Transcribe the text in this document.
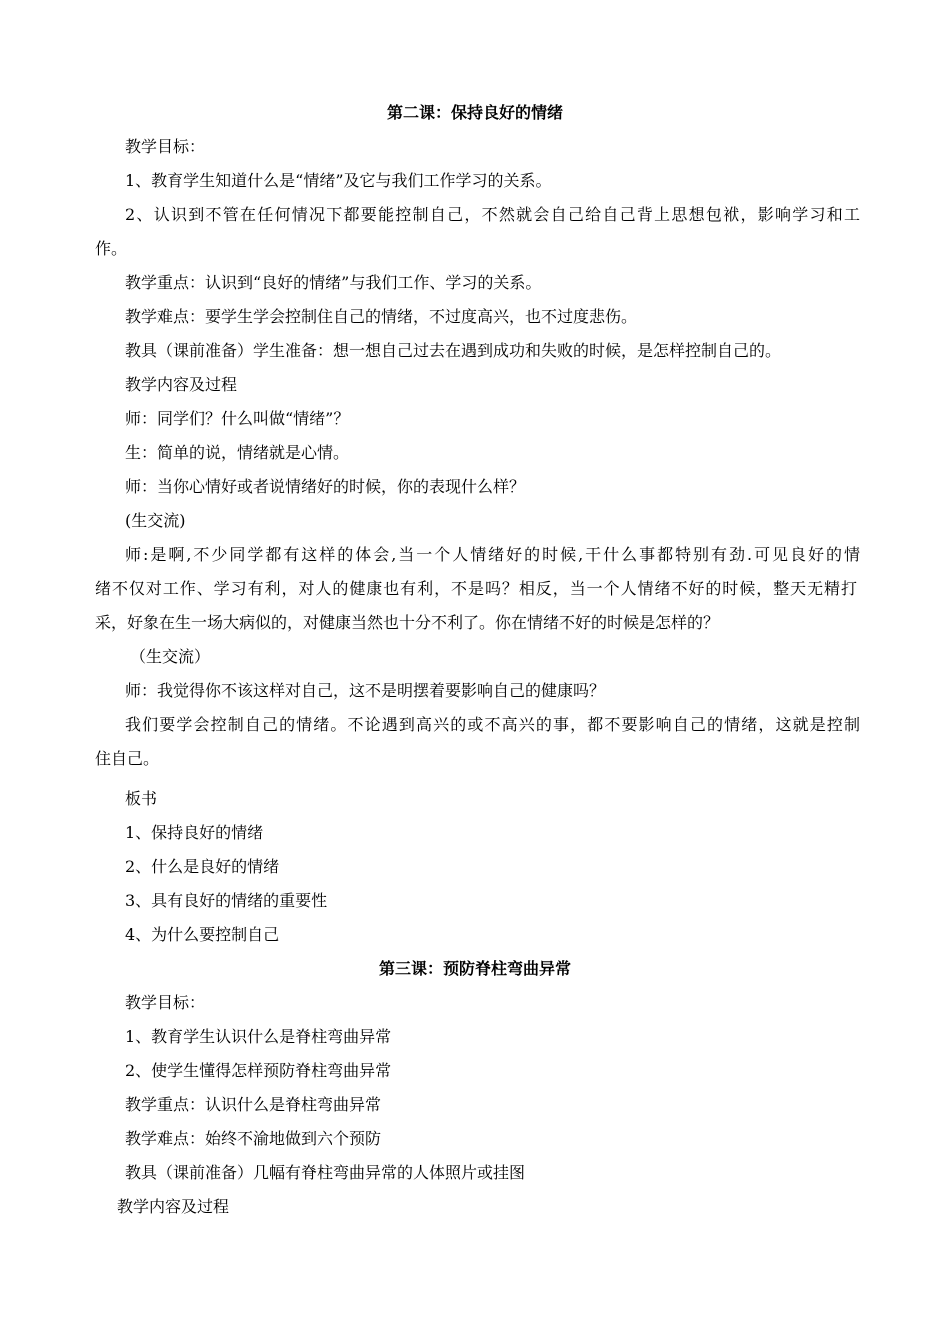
第二课：保持良好的情绪

教学目标：

1、教育学生知道什么是“情绪”及它与我们工作学习的关系。

2、认识到不管在任何情况下都要能控制自己，不然就会自己给自己背上思想包袱，影响学习和工

作。

教学重点：认识到“良好的情绪”与我们工作、学习的关系。

教学难点：要学生学会控制住自己的情绪，不过度高兴，也不过度悲伤。

教具（课前准备）学生准备：想一想自己过去在遇到成功和失败的时候，是怎样控制自己的。

教学内容及过程

师：同学们？什么叫做“情绪”？

生：简单的说，情绪就是心情。

师：当你心情好或者说情绪好的时候，你的表现什么样？

(生交流)

师:是啊,不少同学都有这样的体会,当一个人情绪好的时候,干什么事都特别有劲.可见良好的情

绪不仅对工作、学习有利，对人的健康也有利，不是吗？相反，当一个人情绪不好的时候，整天无精打

采，好象在生一场大病似的，对健康当然也十分不利了。你在情绪不好的时候是怎样的？

（生交流）

师：我觉得你不该这样对自己，这不是明摆着要影响自己的健康吗？

我们要学会控制自己的情绪。不论遇到高兴的或不高兴的事，都不要影响自己的情绪，这就是控制

住自己。

板书

1、保持良好的情绪

2、什么是良好的情绪

3、具有良好的情绪的重要性

4、为什么要控制自己

第三课：预防脊柱弯曲异常

教学目标：

1、教育学生认识什么是脊柱弯曲异常

2、使学生懂得怎样预防脊柱弯曲异常

教学重点：认识什么是脊柱弯曲异常

教学难点：始终不渝地做到六个预防

教具（课前准备）几幅有脊柱弯曲异常的人体照片或挂图

教学内容及过程
